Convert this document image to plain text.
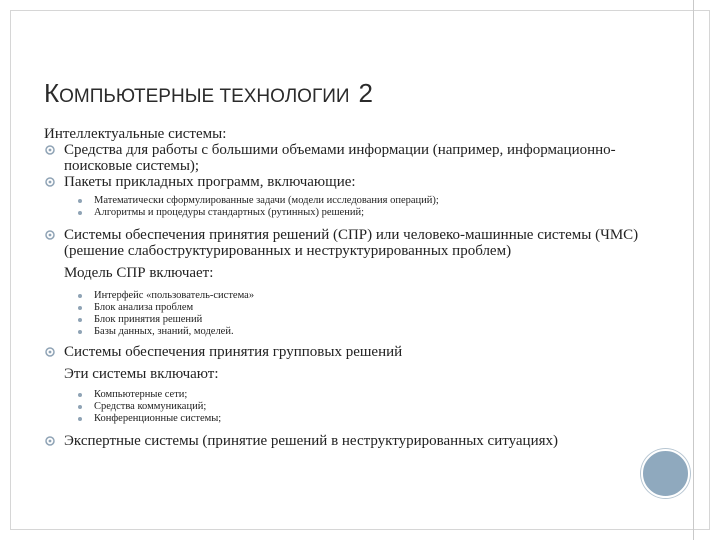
КОМПЬЮТЕРНЫЕ ТЕХНОЛОГИИ 2
Интеллектуальные системы:
Средства для работы с большими объемами информации (например, информационно-поисковые системы);
Пакеты прикладных программ, включающие:
Математически сформулированные задачи (модели исследования операций);
Алгоритмы и процедуры стандартных (рутинных) решений;
Системы обеспечения принятия решений (СПР) или человеко-машинные системы (ЧМС) (решение слабоструктурированных и неструктурированных проблем)
Модель СПР включает:
Интерфейс «пользователь-система»
Блок анализа проблем
Блок принятия решений
Базы данных, знаний, моделей.
Системы обеспечения принятия групповых решений
Эти системы включают:
Компьютерные сети;
Средства коммуникаций;
Конференционные системы;
Экспертные системы (принятие решений в неструктурированных ситуациях)
